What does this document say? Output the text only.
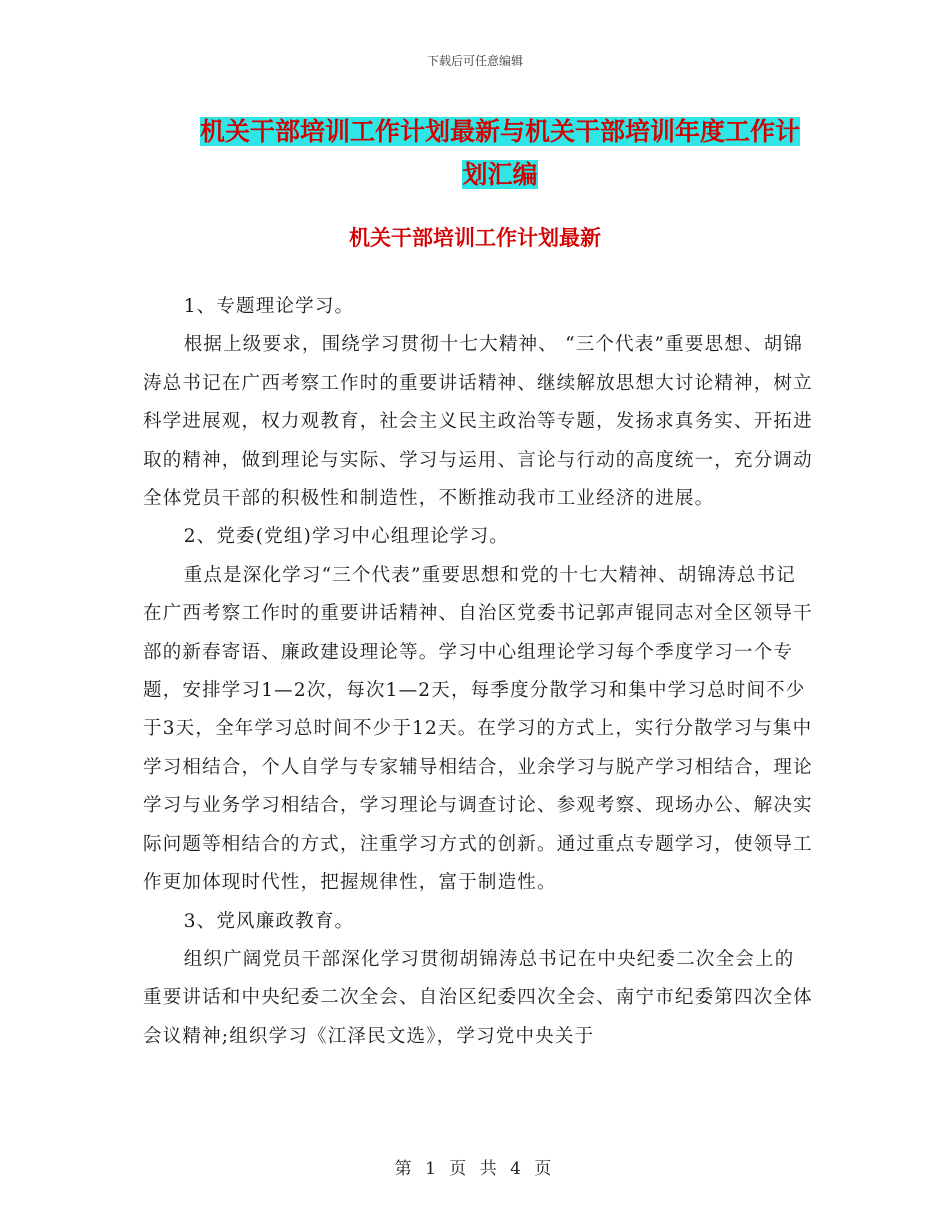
下载后可任意编辑
机关干部培训工作计划最新与机关干部培训年度工作计划汇编
机关干部培训工作计划最新

1、专题理论学习。

根据上级要求，围绕学习贯彻十七大精神、 “三个代表”重要思想、胡锦涛总书记在广西考察工作时的重要讲话精神、继续解放思想大讨论精神，树立科学进展观，权力观教育，社会主义民主政治等专题，发扬求真务实、开拓进取的精神，做到理论与实际、学习与运用、言论与行动的高度统一，充分调动全体党员干部的积极性和制造性，不断推动我市工业经济的进展。

2、党委(党组)学习中心组理论学习。

重点是深化学习“三个代表”重要思想和党的十七大精神、胡锦涛总书记在广西考察工作时的重要讲话精神、自治区党委书记郭声锟同志对全区领导干部的新春寄语、廉政建设理论等。学习中心组理论学习每个季度学习一个专题，安排学习1—2次，每次1—2天，每季度分散学习和集中学习总时间不少于3天，全年学习总时间不少于12天。在学习的方式上，实行分散学习与集中学习相结合，个人自学与专家辅导相结合，业余学习与脱产学习相结合，理论学习与业务学习相结合，学习理论与调查讨论、参观考察、现场办公、解决实际问题等相结合的方式，注重学习方式的创新。通过重点专题学习，使领导工作更加体现时代性，把握规律性，富于制造性。

3、党风廉政教育。

组织广阔党员干部深化学习贯彻胡锦涛总书记在中央纪委二次全会上的重要讲话和中央纪委二次全会、自治区纪委四次全会、南宁市纪委第四次全体会议精神;组织学习《江泽民文选》，学习党中央关于

第 1 页 共 4 页
